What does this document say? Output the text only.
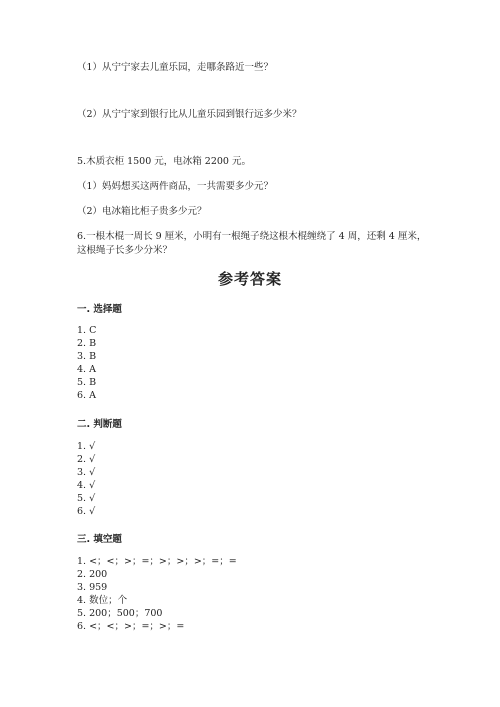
（1）从宁宁家去儿童乐园，走哪条路近一些？
（2）从宁宁家到银行比从儿童乐园到银行远多少米？
5.木质衣柜 1500 元，电冰箱 2200 元。
（1）妈妈想买这两件商品，一共需要多少元？
（2）电冰箱比柜子贵多少元？
6.一根木棍一周长 9 厘米，小明有一根绳子绕这根木棍缠绕了 4 周，还剩 4 厘米，这根绳子长多少分米？
参考答案
一. 选择题
1. C
2. B
3. B
4. A
5. B
6. A
二. 判断题
1. √
2. √
3. √
4. √
5. √
6. √
三. 填空题
1. <；<；>；=；>；>；>；=；=
2. 200
3. 959
4. 数位；个
5. 200；500；700
6. <；<；>；=；>；=
